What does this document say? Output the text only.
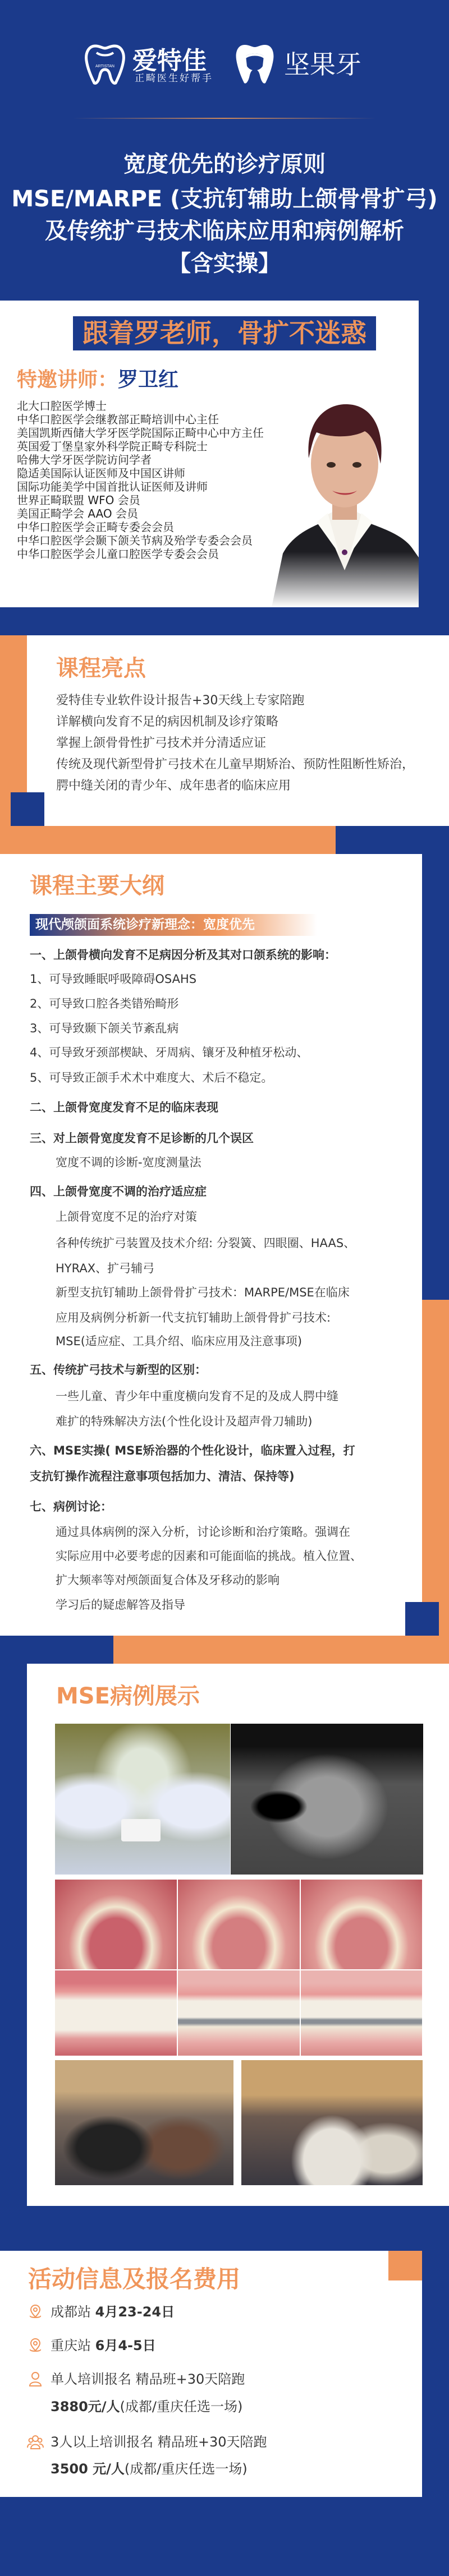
ARTISTAN 爱特佳
正畸医生好帮手	坚果牙
宽度优先的诊疗原则
MSE/MARPE (支抗钉辅助上颌骨骨扩弓)
及传统扩弓技术临床应用和病例解析
【含实操】
跟着罗老师，骨扩不迷惑
特邀讲师：罗卫红
北大口腔医学博士
中华口腔医学会继教部正畸培训中心主任
美国凯斯西储大学牙医学院国际正畸中心中方主任
英国爱丁堡皇家外科学院正畸专科院士
哈佛大学牙医学院访问学者
隐适美国际认证医师及中国区讲师
国际功能美学中国首批认证医师及讲师
世界正畸联盟 WFO 会员
美国正畸学会 AAO 会员
中华口腔医学会正畸专委会会员
中华口腔医学会颞下颌关节病及殆学专委会会员
中华口腔医学会儿童口腔医学专委会会员
课程亮点
爱特佳专业软件设计报告+30天线上专家陪跑
详解横向发育不足的病因机制及诊疗策略
掌握上颌骨骨性扩弓技术并分清适应证
传统及现代新型骨扩弓技术在儿童早期矫治、预防性阻断性矫治，
腭中缝关闭的青少年、成年患者的临床应用
课程主要大纲
现代颅颌面系统诊疗新理念：宽度优先
一、上颌骨横向发育不足病因分析及其对口颌系统的影响：
1、可导致睡眠呼吸障碍OSAHS
2、可导致口腔各类错殆畸形
3、可导致颞下颌关节紊乱病
4、可导致牙颈部楔缺、牙周病、镶牙及种植牙松动、
5、可导致正颌手术术中难度大、术后不稳定。
二、上颌骨宽度发育不足的临床表现
三、对上颌骨宽度发育不足诊断的几个误区
宽度不调的诊断-宽度测量法
四、上颌骨宽度不调的治疗适应症
上颌骨宽度不足的治疗对策
各种传统扩弓装置及技术介绍: 分裂簧、四眼圈、HAAS、
HYRAX、扩弓辅弓
新型支抗钉辅助上颌骨骨扩弓技术：MARPE/MSE在临床
应用及病例分析新一代支抗钉辅助上颌骨骨扩弓技术:
MSE(适应症、工具介绍、临床应用及注意事项)
五、传统扩弓技术与新型的区别：
一些儿童、青少年中重度横向发育不足的及成人腭中缝
难扩的特殊解决方法(个性化设计及超声骨刀辅助)
六、MSE实操( MSE矫治器的个性化设计，临床置入过程，打
支抗钉操作流程注意事项包括加力、清洁、保持等)
七、病例讨论：
通过具体病例的深入分析，讨论诊断和治疗策略。强调在
实际应用中必要考虑的因素和可能面临的挑战。植入位置、
扩大频率等对颅颌面复合体及牙移动的影响
学习后的疑虑解答及指导
MSE病例展示
活动信息及报名费用
成都站
4月23-24日
重庆站
6月4-5日
单人培训报名 精品班+30天陪跑
3880元/人 (成都/重庆任选一场)
3人以上培训报名 精品班+30天陪跑
3500 元/人 (成都/重庆任选一场)
